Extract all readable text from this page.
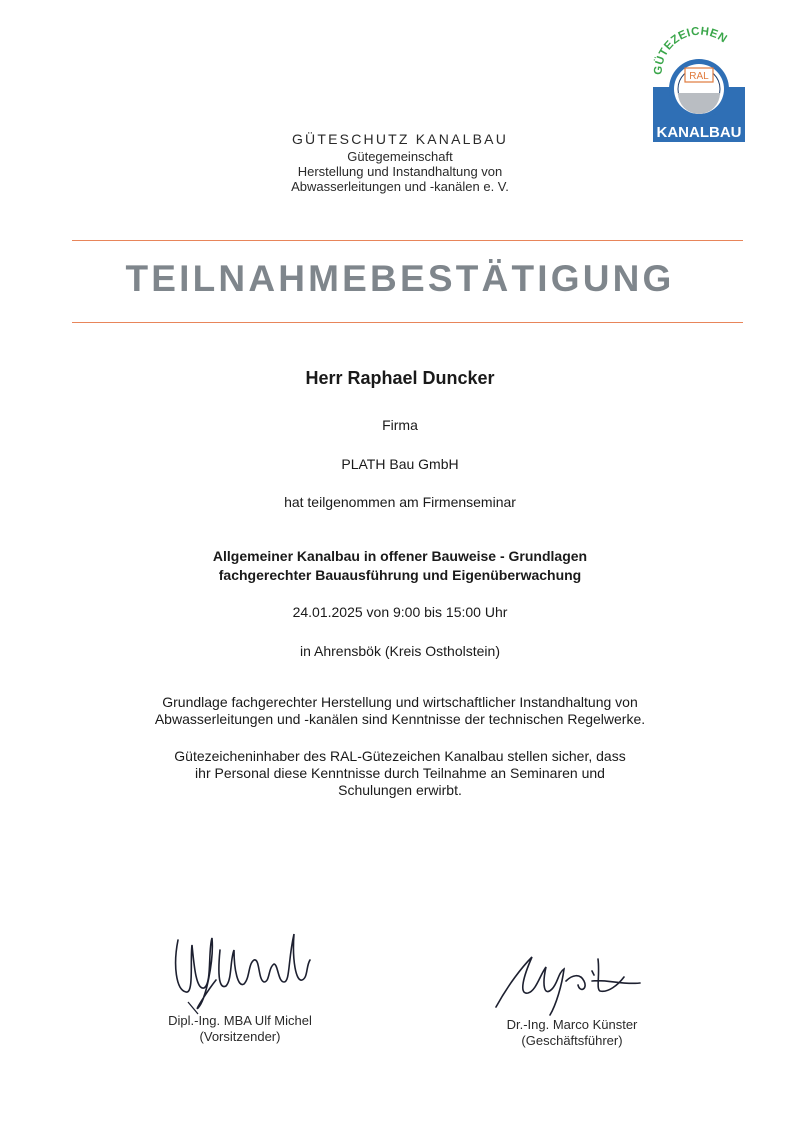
GÜTEZEICHEN
RAL
KANALBAU
GÜTESCHUTZ KANALBAU
Gütegemeinschaft
Herstellung und Instandhaltung von
Abwasserleitungen und -kanälen e. V.
TEILNAHMEBESTÄTIGUNG
Herr Raphael Duncker
Firma
PLATH Bau GmbH
hat teilgenommen am Firmenseminar
Allgemeiner Kanalbau in offener Bauweise - Grundlagen
fachgerechter Bauausführung und Eigenüberwachung
24.01.2025 von 9:00 bis 15:00 Uhr
in Ahrensbök (Kreis Ostholstein)
Grundlage fachgerechter Herstellung und wirtschaftlicher Instandhaltung von
Abwasserleitungen und -kanälen sind Kenntnisse der technischen Regelwerke.
Gütezeicheninhaber des RAL-Gütezeichen Kanalbau stellen sicher, dass
ihr Personal diese Kenntnisse durch Teilnahme an Seminaren und
Schulungen erwirbt.
Dipl.-Ing. MBA Ulf Michel
(Vorsitzender)
Dr.-Ing. Marco Künster
(Geschäftsführer)
